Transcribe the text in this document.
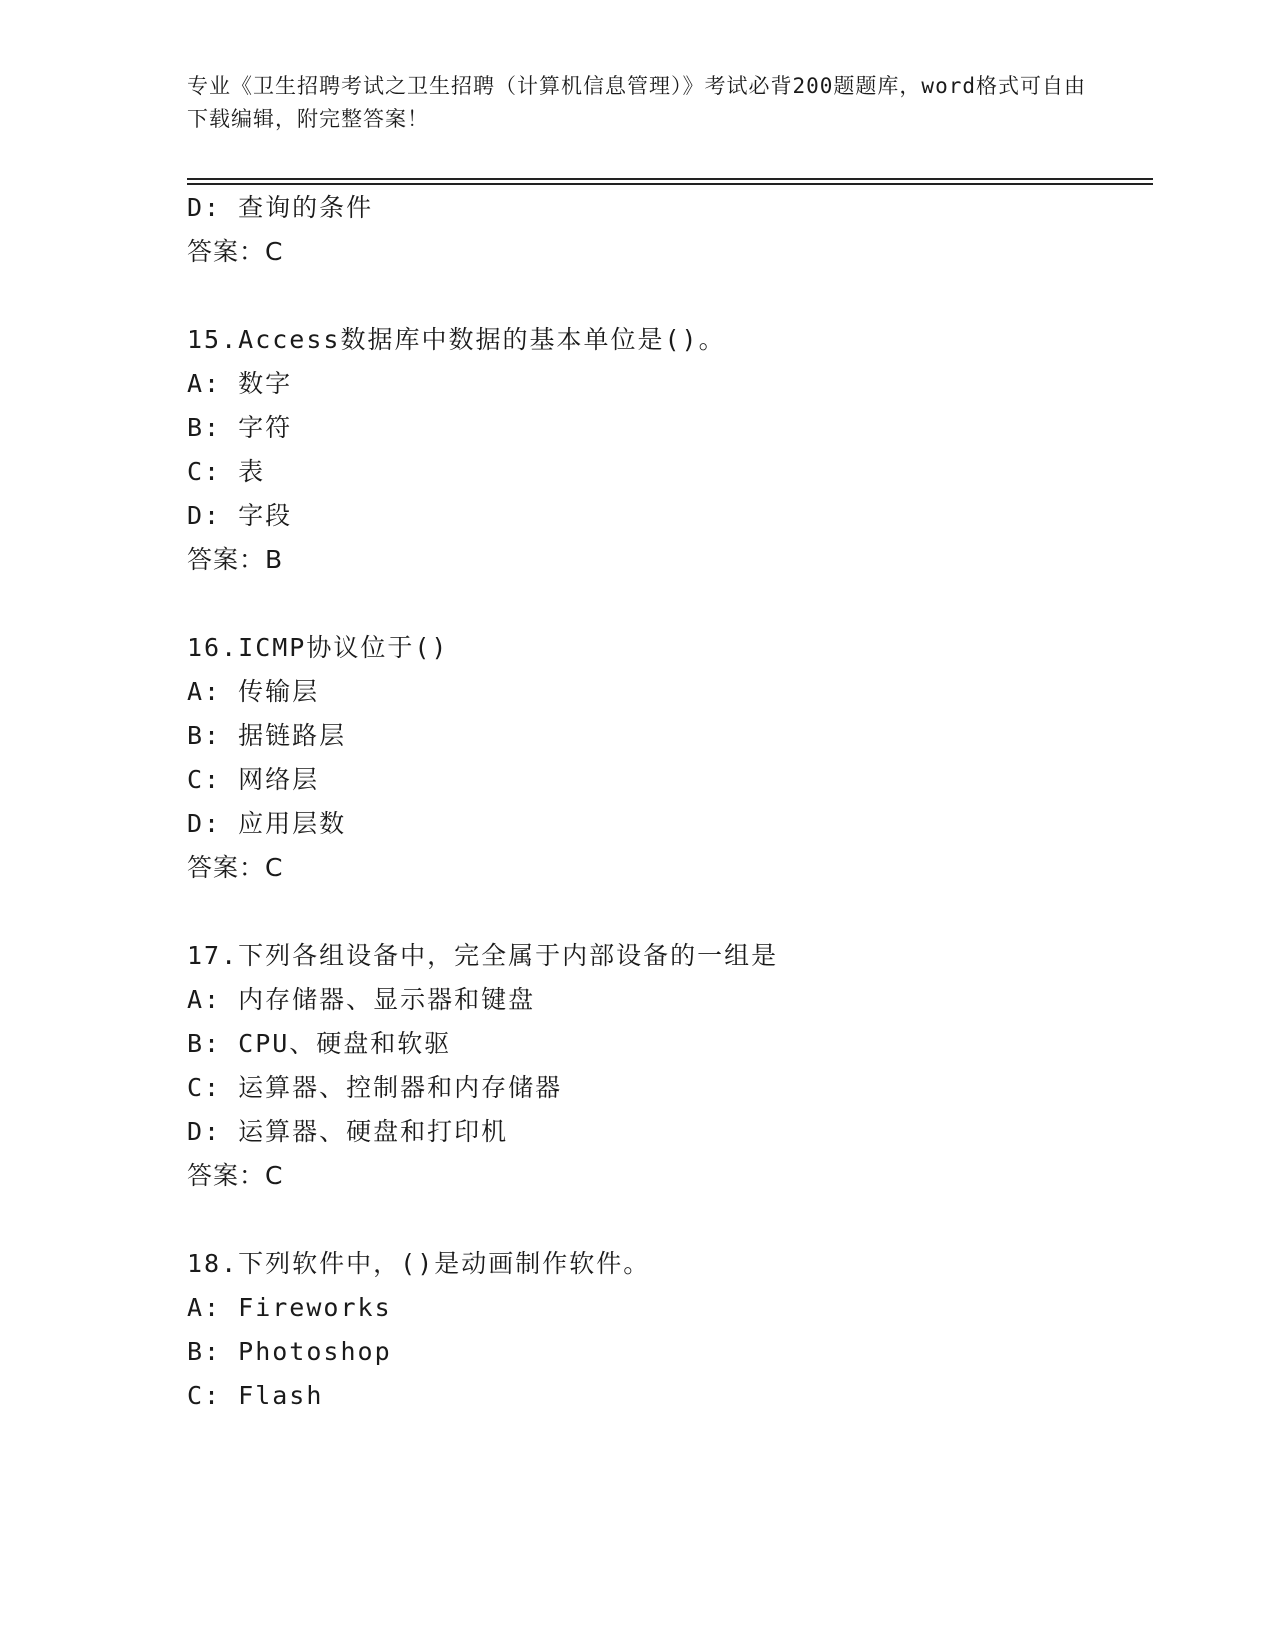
专业《卫生招聘考试之卫生招聘（计算机信息管理）》考试必背200题题库，word格式可自由下载编辑，附完整答案！
D: 查询的条件
答案：C
15.Access数据库中数据的基本单位是()。
A: 数字
B: 字符
C: 表
D: 字段
答案：B
16.ICMP协议位于()
A: 传输层
B: 据链路层
C: 网络层
D: 应用层数
答案：C
17.下列各组设备中，完全属于内部设备的一组是
A: 内存储器、显示器和键盘
B: CPU、硬盘和软驱
C: 运算器、控制器和内存储器
D: 运算器、硬盘和打印机
答案：C
18.下列软件中，()是动画制作软件。
A: Fireworks
B: Photoshop
C: Flash
